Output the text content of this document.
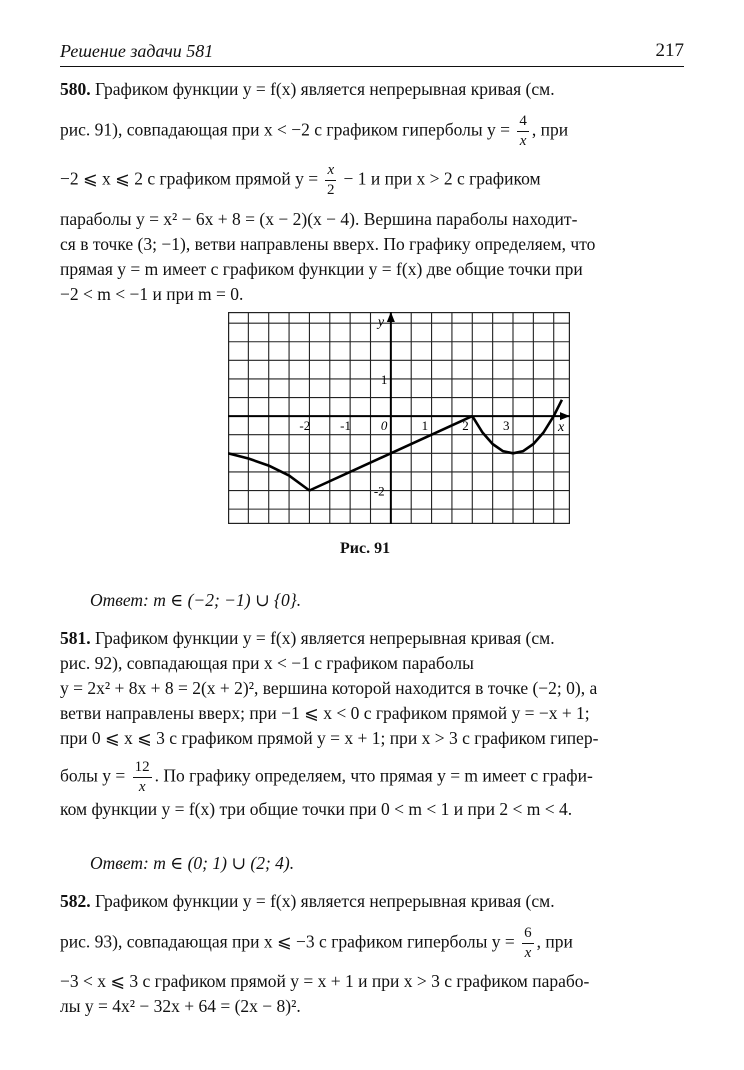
Решение задачи 581	217

580. Графиком функции y = f(x) является непрерывная кривая (см.

рис. 91), совпадающая при x < −2 с графиком гиперболы $y = \frac{4}{x}$ , при

−2 ⩽ x ⩽ 2 с графиком прямой $y = \frac{x}{2} - 1$ и при x > 2 с графиком

параболы y = x² − 6x + 8 = (x − 2)(x − 4). Вершина параболы находит-

ся в точке (3; −1), ветви направлены вверх. По графику определяем, что

прямая y = m имеет с графиком функции y = f(x) две общие точки при

−2 < m < −1 и при m = 0.

x
y
-2 -1 0	1	2	3
1
-2
Рис. 91
Ответ: m ∈ (−2; −1) ∪ {0}.

581. Графиком функции y = f(x) является непрерывная кривая (см.

рис. 92), совпадающая при x < −1 с графиком параболы

y = 2x² + 8x + 8 = 2(x + 2)², вершина которой находится в точке (−2; 0), а

ветви направлены вверх; при −1 ⩽ x < 0 с графиком прямой y = −x + 1;

при 0 ⩽ x ⩽ 3 с графиком прямой y = x + 1; при x > 3 с графиком гипер-

болы $y = \frac{12}{x}$ . По графику определяем, что прямая y = m имеет с графи-

ком функции y = f(x) три общие точки при 0 < m < 1 и при 2 < m < 4.

Ответ: m ∈ (0; 1) ∪ (2; 4).

582. Графиком функции y = f(x) является непрерывная кривая (см.

рис. 93), совпадающая при x ⩽ −3 с графиком гиперболы $y = \frac{6}{x}$ , при

−3 < x ⩽ 3 с графиком прямой y = x + 1 и при x > 3 с графиком парабо-

лы y = 4x² − 32x + 64 = (2x − 8)².
